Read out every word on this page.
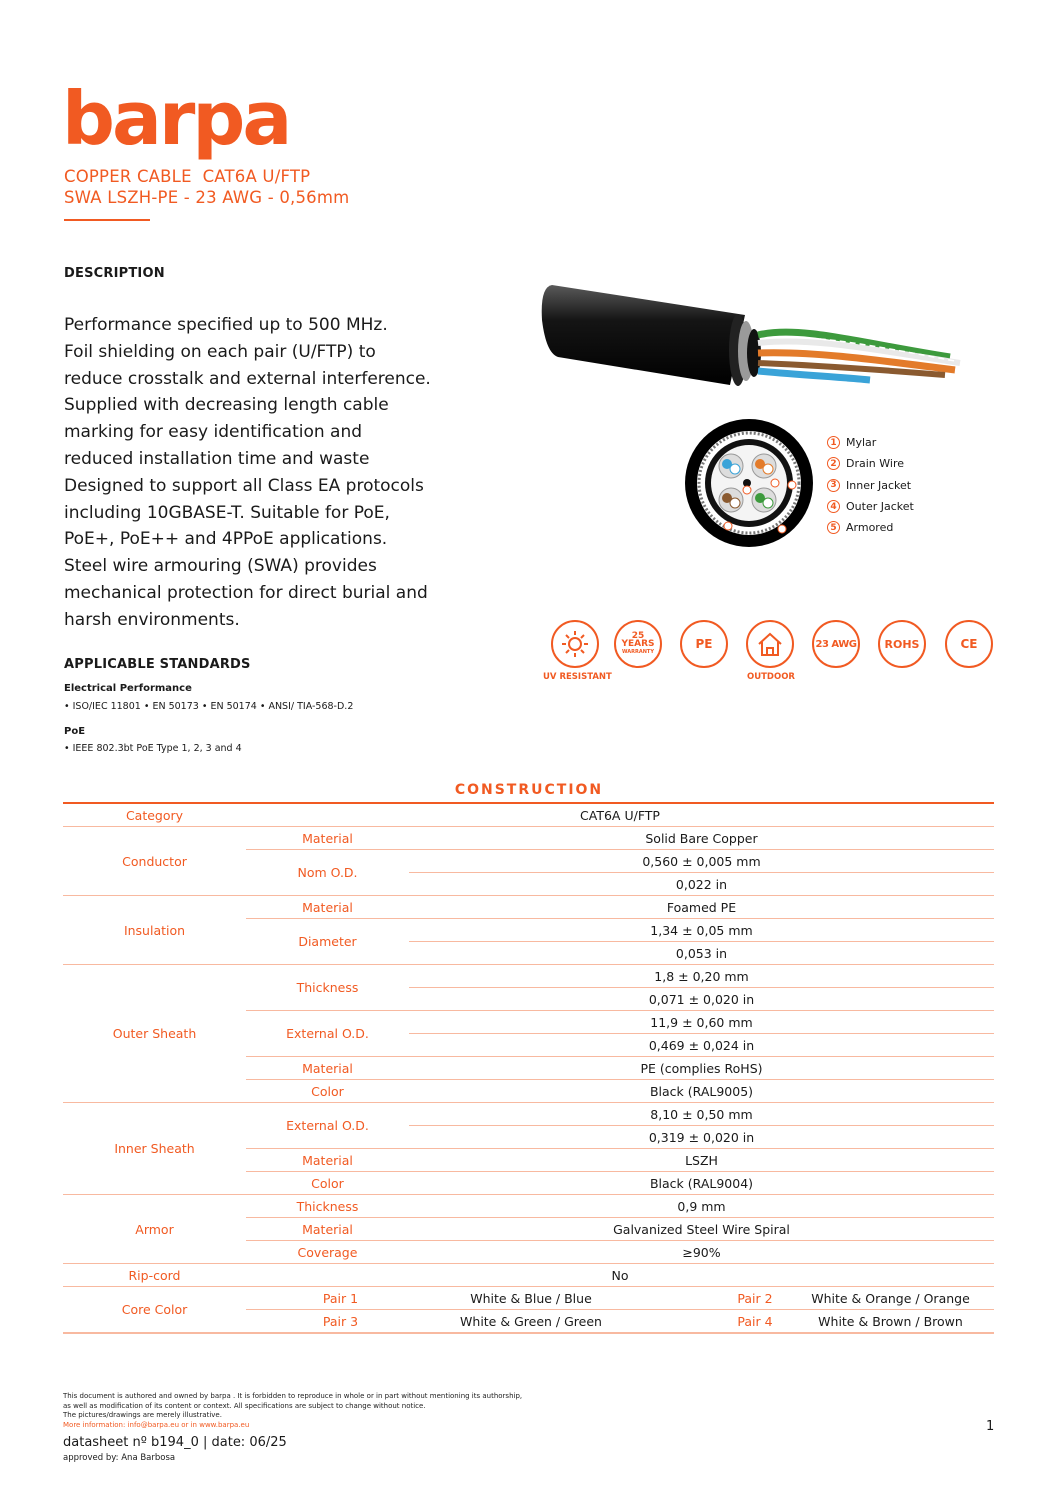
barpa
COPPER CABLE  CAT6A U/FTP
SWA LSZH-PE - 23 AWG - 0,56mm
DESCRIPTION
Performance specified up to 500 MHz.
Foil shielding on each pair (U/FTP) to
reduce crosstalk and external interference.
Supplied with decreasing length cable
marking for easy identification and
reduced installation time and waste
Designed to support all Class EA protocols
including 10GBASE-T. Suitable for PoE,
PoE+, PoE++ and 4PPoE applications.
Steel wire armouring (SWA) provides
mechanical protection for direct burial and
harsh environments.
APPLICABLE STANDARDS
Electrical Performance
• ISO/IEC 11801 • EN 50173 • EN 50174 • ANSI/ TIA-568-D.2
PoE
• IEEE 802.3bt PoE Type 1, 2, 3 and 4
1 Mylar
2 Drain Wire
3 Inner Jacket
4 Outer Jacket
5 Armored
UV RESISTANT
25
YEARS
WARRANTY
PE
OUTDOOR
23 AWG	ROHS	CE
CONSTRUCTION
Category	CAT6A U/FTP			
Conductor	Material	Solid Bare Copper		
	Nom O.D.	0,560 ± 0,005 mm		
		0,022 in		
Insulation	Material	Foamed PE		
	Diameter	1,34 ± 0,05 mm		
		0,053 in		
Outer Sheath	Thickness	1,8 ± 0,20 mm		
		0,071 ± 0,020 in		
	External O.D.	11,9 ± 0,60 mm		
		0,469 ± 0,024 in		
	Material	PE (complies RoHS)		
	Color	Black (RAL9005)		
Inner Sheath	External O.D.	8,10 ± 0,50 mm		
		0,319 ± 0,020 in		
	Material	LSZH		
	Color	Black (RAL9004)		
Armor	Thickness	0,9 mm		
	Material	Galvanized Steel Wire Spiral		
	Coverage	≥90%		
Rip-cord	No			
Core Color	Pair 1	White & Blue / Blue	Pair 2	White & Orange / Orange
	Pair 3	White & Green / Green	Pair 4	White & Brown / Brown
This document is authored and owned by barpa . It is forbidden to reproduce in whole or in part without mentioning its authorship,
as well as modification of its content or context. All specifications are subject to change without notice.
The pictures/drawings are merely illustrative.
More information: info@barpa.eu or in www.barpa.eu
datasheet nº b194_0 | date: 06/25
approved by: Ana Barbosa
1
